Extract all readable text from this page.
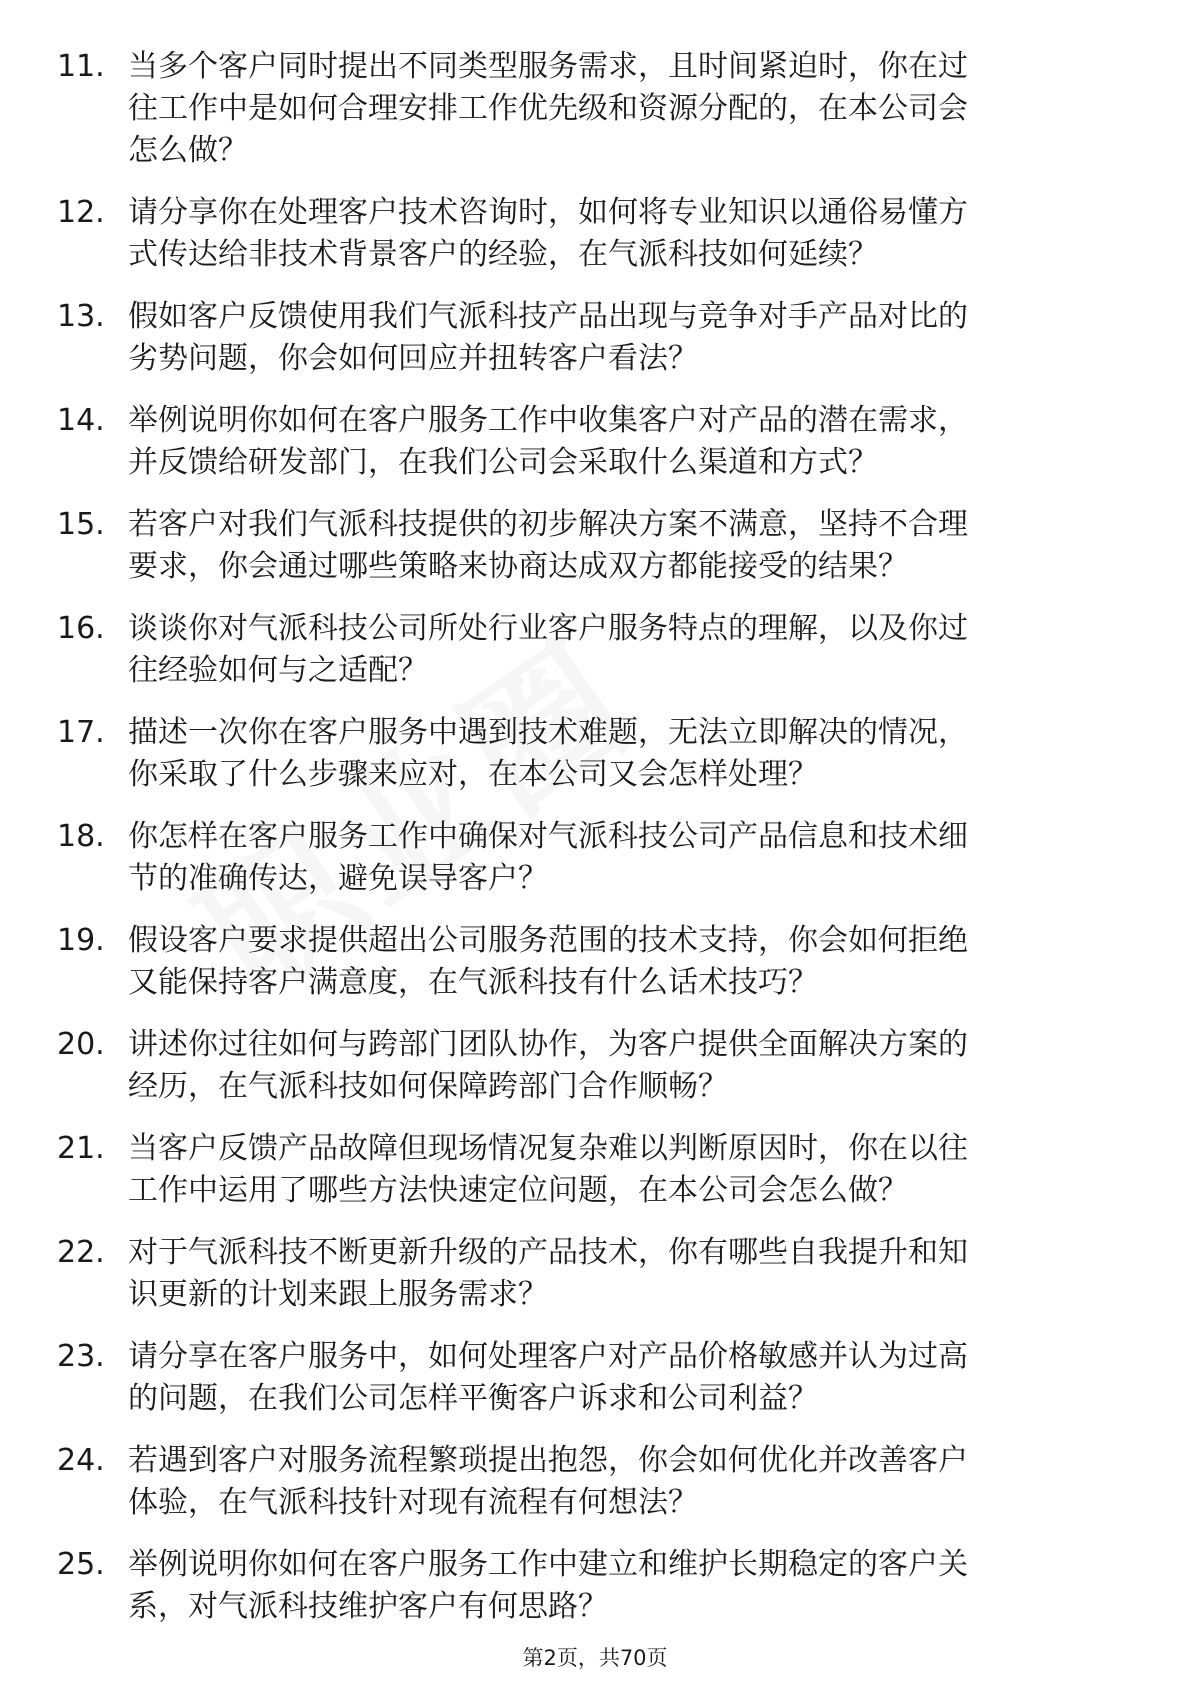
11. 当多个客户同时提出不同类型服务需求，且时间紧迫时，你在过
往工作中是如何合理安排工作优先级和资源分配的，在本公司会
怎么做？
12. 请分享你在处理客户技术咨询时，如何将专业知识以通俗易懂方
式传达给非技术背景客户的经验，在气派科技如何延续？
13. 假如客户反馈使用我们气派科技产品出现与竞争对手产品对比的
劣势问题，你会如何回应并扭转客户看法？
14. 举例说明你如何在客户服务工作中收集客户对产品的潜在需求，
并反馈给研发部门，在我们公司会采取什么渠道和方式？
15. 若客户对我们气派科技提供的初步解决方案不满意，坚持不合理
要求，你会通过哪些策略来协商达成双方都能接受的结果？
16. 谈谈你对气派科技公司所处行业客户服务特点的理解，以及你过
往经验如何与之适配？
17. 描述一次你在客户服务中遇到技术难题，无法立即解决的情况，
你采取了什么步骤来应对，在本公司又会怎样处理？
18. 你怎样在客户服务工作中确保对气派科技公司产品信息和技术细
节的准确传达，避免误导客户？
19. 假设客户要求提供超出公司服务范围的技术支持，你会如何拒绝
又能保持客户满意度，在气派科技有什么话术技巧？
20. 讲述你过往如何与跨部门团队协作，为客户提供全面解决方案的
经历，在气派科技如何保障跨部门合作顺畅？
21. 当客户反馈产品故障但现场情况复杂难以判断原因时，你在以往
工作中运用了哪些方法快速定位问题，在本公司会怎么做？
22. 对于气派科技不断更新升级的产品技术，你有哪些自我提升和知
识更新的计划来跟上服务需求？
23. 请分享在客户服务中，如何处理客户对产品价格敏感并认为过高
的问题，在我们公司怎样平衡客户诉求和公司利益？
24. 若遇到客户对服务流程繁琐提出抱怨，你会如何优化并改善客户
体验，在气派科技针对现有流程有何想法？
25. 举例说明你如何在客户服务工作中建立和维护长期稳定的客户关
系，对气派科技维护客户有何思路？
第2页，共70页
